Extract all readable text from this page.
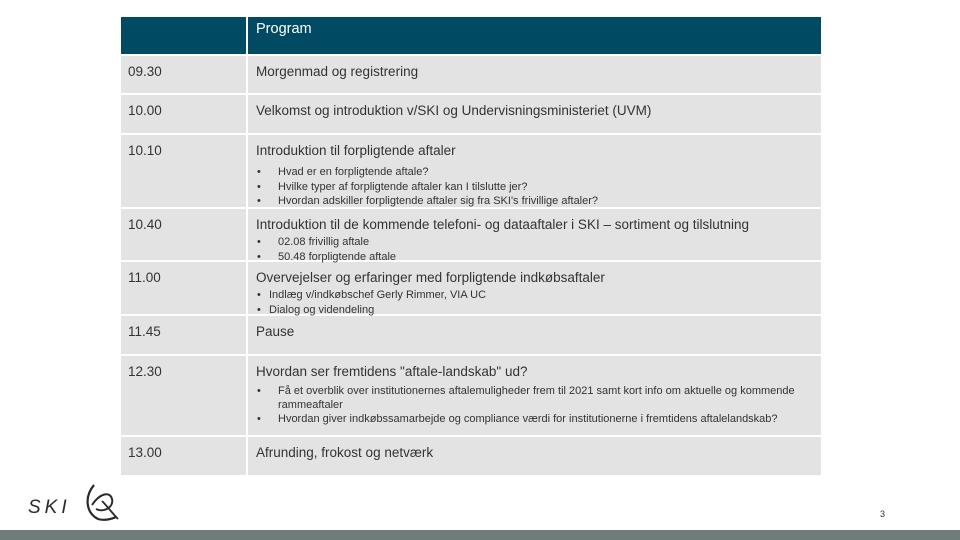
Program
09.30	Morgenmad og registrering
10.00	Velkomst og introduktion v/SKI og Undervisningsministeriet (UVM)
10.10	Introduktion til forpligtende aftaler
• Hvad er en forpligtende aftale?
• Hvilke typer af forpligtende aftaler kan I tilslutte jer?
• Hvordan adskiller forpligtende aftaler sig fra SKI's frivillige aftaler?
10.40	Introduktion til de kommende telefoni- og dataaftaler i SKI – sortiment og tilslutning
• 02.08 frivillig aftale
• 50.48 forpligtende aftale
11.00	Overvejelser og erfaringer med forpligtende indkøbsaftaler
• Indlæg v/indkøbschef Gerly Rimmer, VIA UC
• Dialog og videndeling
11.45	Pause
12.30	Hvordan ser fremtidens "aftale-landskab" ud?
• Få et overblik over institutionernes aftalemuligheder frem til 2021 samt kort info om aktuelle og kommende rammeaftaler
• Hvordan giver indkøbssamarbejde og compliance værdi for institutionerne i fremtidens aftalelandskab?
13.00	Afrunding, frokost og netværk
SKI	3
